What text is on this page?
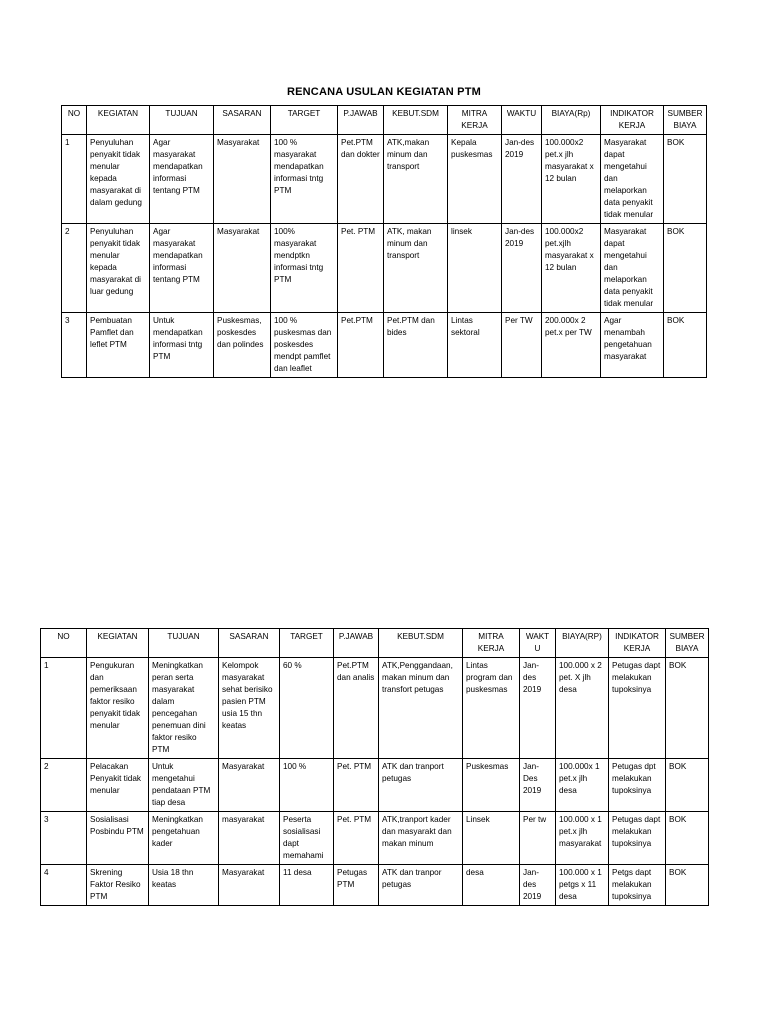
RENCANA USULAN KEGIATAN PTM
NO	KEGIATAN	TUJUAN	SASARAN	TARGET	P.JAWAB	KEBUT.SDM	MITRA KERJA	WAKTU	BIAYA(Rp)	INDIKATOR KERJA	SUMBER BIAYA
1	Penyuluhan penyakit tidak menular kepada masyarakat di dalam gedung	Agar masyarakat mendapatkan informasi tentang PTM	Masyarakat	100 % masyarakat mendapatkan informasi tntg PTM	Pet.PTM dan dokter	ATK,makan minum dan transport	Kepala puskesmas	Jan-des 2019	100.000x2 pet.x jlh masyarakat x 12 bulan	Masyarakat dapat mengetahui dan melaporkan data penyakit tidak menular	BOK
2	Penyuluhan penyakit tidak menular kepada masyarakat di luar gedung	Agar masyarakat mendapatkan informasi tentang PTM	Masyarakat	100% masyarakat mendptkn informasi tntg PTM	Pet. PTM	ATK, makan minum dan transport	linsek	Jan-des 2019	100.000x2 pet.xjlh masyarakat x 12 bulan	Masyarakat dapat mengetahui dan melaporkan data penyakit tidak menular	BOK
3	Pembuatan Pamflet dan leflet PTM	Untuk mendapatkan informasi tntg PTM	Puskesmas, poskesdes dan polindes	100 % puskesmas dan poskesdes mendpt pamflet dan leaflet	Pet.PTM	Pet.PTM dan bides	Lintas sektoral	Per TW	200.000x 2 pet.x per TW	Agar menambah pengetahuan masyarakat	BOK
NO	KEGIATAN	TUJUAN	SASARAN	TARGET	P.JAWAB	KEBUT.SDM	MITRA KERJA	WAKTU	BIAYA(RP)	INDIKATOR KERJA	SUMBER BIAYA
1	Pengukuran dan pemeriksaan faktor resiko penyakit tidak menular	Meningkatkan peran serta masyarakat dalam pencegahan penemuan dini faktor resiko PTM	Kelompok masyarakat sehat berisiko pasien PTM usia 15 thn keatas	60 %	Pet.PTM dan analis	ATK,Penggandaan, makan minum dan transfort petugas	Lintas program dan puskesmas	Jan-des 2019	100.000 x 2 pet. X jlh desa	Petugas dapt melakukan tupoksinya	BOK
2	Pelacakan Penyakit tidak menular	Untuk mengetahui pendataan PTM tiap desa	Masyarakat	100 %	Pet. PTM	ATK dan tranport petugas	Puskesmas	Jan-Des 2019	100.000x 1 pet.x jlh desa	Petugas dpt melakukan tupoksinya	BOK
3	Sosialisasi Posbindu PTM	Meningkatkan pengetahuan kader	masyarakat	Peserta sosialisasi dapt memahami	Pet. PTM	ATK,tranport kader dan masyarakt dan makan minum	Linsek	Per tw	100.000 x 1 pet.x jlh masyarakat	Petugas dapt melakukan tupoksinya	BOK
4	Skrening Faktor Resiko PTM	Usia 18 thn keatas	Masyarakat	11 desa	Petugas PTM	ATK dan tranpor petugas	desa	Jan-des 2019	100.000 x 1 petgs x 11 desa	Petgs dapt melakukan tupoksinya	BOK
